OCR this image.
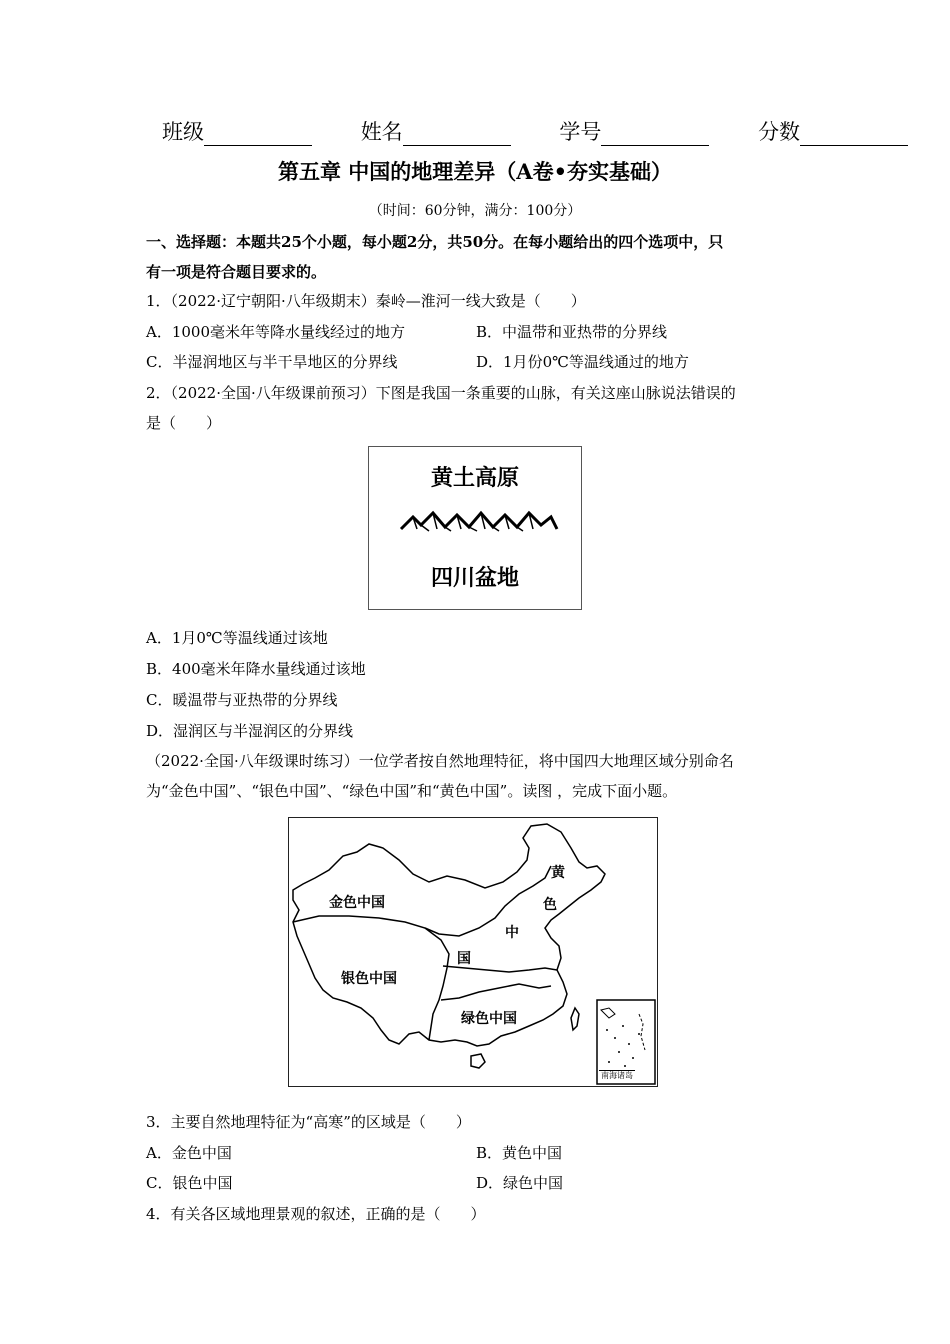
班级	姓名	学号	分数
第五章 中国的地理差异（A卷•夯实基础）
（时间：60分钟，满分：100分）
一、选择题：本题共25个小题，每小题2分，共50分。在每小题给出的四个选项中，只
有一项是符合题目要求的。
1．（2022·辽宁朝阳·八年级期末）秦岭—淮河一线大致是（　　）
A．1000毫米年等降水量线经过的地方	B．中温带和亚热带的分界线
C．半湿润地区与半干旱地区的分界线	D．1月份0℃等温线通过的地方
2．（2022·全国·八年级课前预习）下图是我国一条重要的山脉，有关这座山脉说法错误的
是（　　）
黄土高原
四川盆地
A．1月0℃等温线通过该地
B．400毫米年降水量线通过该地
C．暖温带与亚热带的分界线
D．湿润区与半湿润区的分界线
（2022·全国·八年级课时练习）一位学者按自然地理特征，将中国四大地理区域分别命名
为“金色中国”、“银色中国”、“绿色中国”和“黄色中国”。读图 ，完成下面小题。
金色中国
银色中国
绿色中国
黄
色
中
国
南海诸岛
3．主要自然地理特征为“高寒”的区域是（　　）
A．金色中国	B．黄色中国
C．银色中国	D．绿色中国
4．有关各区域地理景观的叙述，正确的是（　　）
